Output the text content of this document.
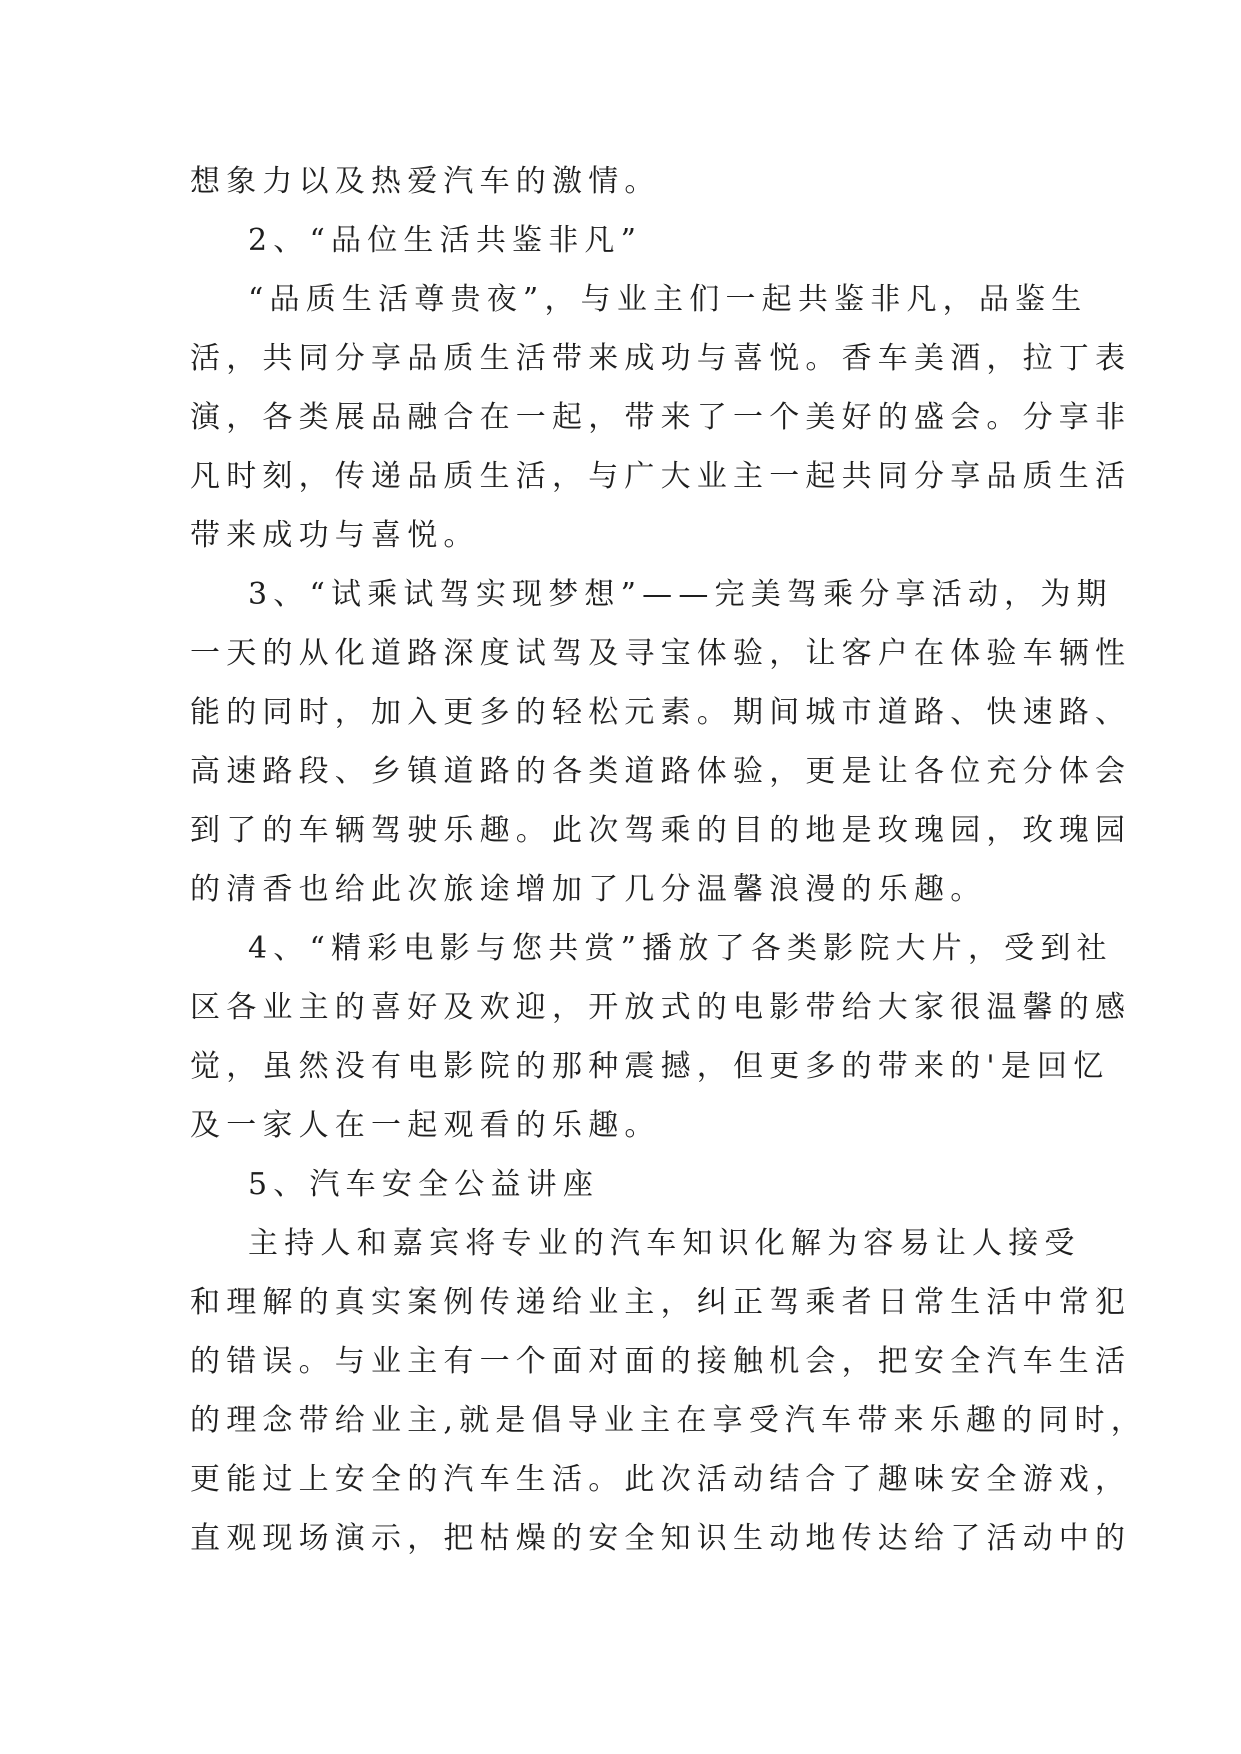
想象力以及热爱汽车的激情。
2、“品位生活共鉴非凡”
“品质生活尊贵夜”，与业主们一起共鉴非凡，品鉴生
活，共同分享品质生活带来成功与喜悦。香车美酒，拉丁表
演，各类展品融合在一起，带来了一个美好的盛会。分享非
凡时刻，传递品质生活，与广大业主一起共同分享品质生活
带来成功与喜悦。
3、“试乘试驾实现梦想”——完美驾乘分享活动，为期
一天的从化道路深度试驾及寻宝体验，让客户在体验车辆性
能的同时，加入更多的轻松元素。期间城市道路、快速路、
高速路段、乡镇道路的各类道路体验，更是让各位充分体会
到了的车辆驾驶乐趣。此次驾乘的目的地是玫瑰园，玫瑰园
的清香也给此次旅途增加了几分温馨浪漫的乐趣。
4、“精彩电影与您共赏”播放了各类影院大片，受到社
区各业主的喜好及欢迎，开放式的电影带给大家很温馨的感
觉，虽然没有电影院的那种震撼，但更多的带来的'是回忆
及一家人在一起观看的乐趣。
5、汽车安全公益讲座
主持人和嘉宾将专业的汽车知识化解为容易让人接受
和理解的真实案例传递给业主，纠正驾乘者日常生活中常犯
的错误。与业主有一个面对面的接触机会，把安全汽车生活
的理念带给业主,就是倡导业主在享受汽车带来乐趣的同时，
更能过上安全的汽车生活。此次活动结合了趣味安全游戏，
直观现场演示，把枯燥的安全知识生动地传达给了活动中的
